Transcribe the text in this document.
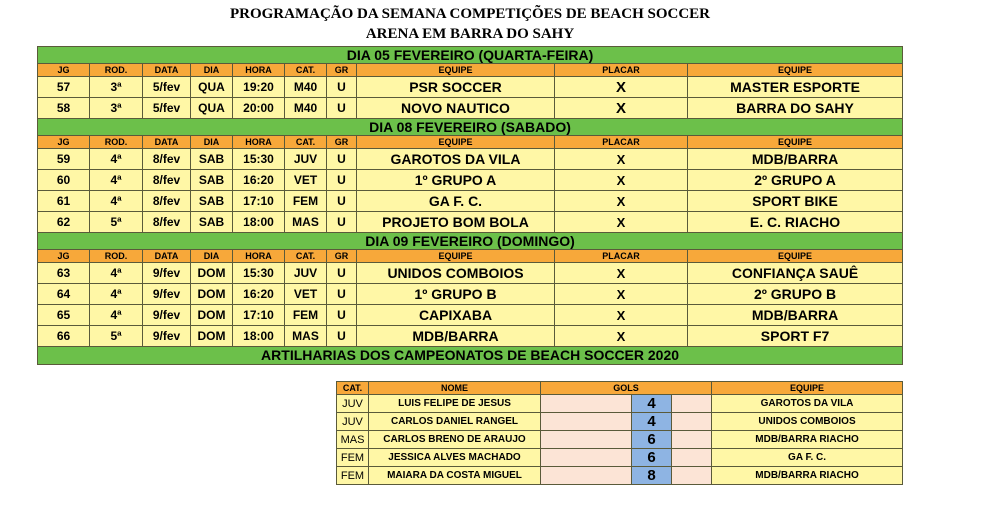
PROGRAMAÇÃO DA SEMANA COMPETIÇÕES DE BEACH SOCCER
ARENA EM BARRA DO SAHY
DIA 05 FEVEREIRO (QUARTA-FEIRA)									
JG	ROD.	DATA	DIA	HORA	CAT.	GR	EQUIPE	PLACAR	EQUIPE
57	3ª	5/fev	QUA	19:20	M40	U	PSR SOCCER	X	MASTER ESPORTE
58	3ª	5/fev	QUA	20:00	M40	U	NOVO NAUTICO	X	BARRA DO SAHY
DIA 08 FEVEREIRO (SABADO)									
JG	ROD.	DATA	DIA	HORA	CAT.	GR	EQUIPE	PLACAR	EQUIPE
59	4ª	8/fev	SAB	15:30	JUV	U	GAROTOS DA VILA	X	MDB/BARRA
60	4ª	8/fev	SAB	16:20	VET	U	1º GRUPO A	X	2º GRUPO A
61	4ª	8/fev	SAB	17:10	FEM	U	GA F. C.	X	SPORT BIKE
62	5ª	8/fev	SAB	18:00	MAS	U	PROJETO BOM BOLA	X	E. C. RIACHO
DIA 09 FEVEREIRO (DOMINGO)									
JG	ROD.	DATA	DIA	HORA	CAT.	GR	EQUIPE	PLACAR	EQUIPE
63	4ª	9/fev	DOM	15:30	JUV	U	UNIDOS COMBOIOS	X	CONFIANÇA SAUÊ
64	4ª	9/fev	DOM	16:20	VET	U	1º GRUPO B	X	2º GRUPO B
65	4ª	9/fev	DOM	17:10	FEM	U	CAPIXABA	X	MDB/BARRA
66	5ª	9/fev	DOM	18:00	MAS	U	MDB/BARRA	X	SPORT F7
ARTILHARIAS DOS CAMPEONATOS DE BEACH SOCCER 2020									
CAT.	NOME	GOLS			EQUIPE
JUV	LUIS FELIPE DE JESUS		4		GAROTOS DA VILA
JUV	CARLOS DANIEL RANGEL		4		UNIDOS COMBOIOS
MAS	CARLOS BRENO DE ARAUJO		6		MDB/BARRA RIACHO
FEM	JESSICA ALVES MACHADO		6		GA F. C.
FEM	MAIARA DA COSTA MIGUEL		8		MDB/BARRA RIACHO
